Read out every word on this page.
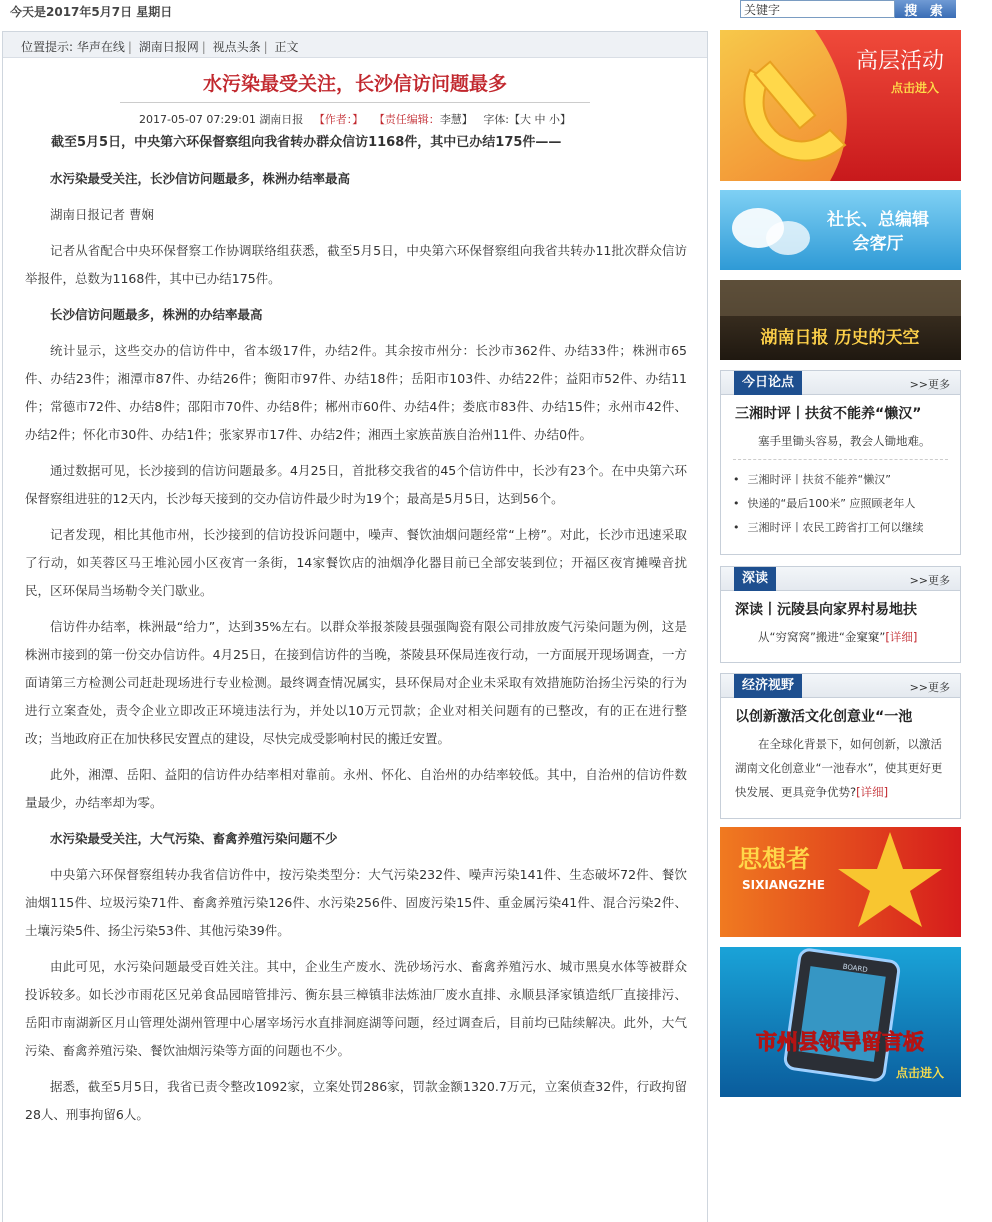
今天是2017年5月7日 星期日
关键字	搜 索
位置提示: 华声在线 | 湖南日报网 | 视点头条 | 正文
水污染最受关注，长沙信访问题最多
2017-05-07 07:29:01 湖南日报 【作者：】 【责任编辑：李慧】 字体:【大 中 小】

截至5月5日，中央第六环保督察组向我省转办群众信访1168件，其中已办结175件——

水污染最受关注，长沙信访问题最多，株洲办结率最高

湖南日报记者 曹娴

记者从省配合中央环保督察工作协调联络组获悉，截至5月5日，中央第六环保督察组向我省共转办11批次群众信访举报件，总数为1168件，其中已办结175件。

长沙信访问题最多，株洲的办结率最高

统计显示，这些交办的信访件中，省本级17件，办结2件。其余按市州分：长沙市362件、办结33件；株洲市65件、办结23件；湘潭市87件、办结26件；衡阳市97件、办结18件；岳阳市103件、办结22件；益阳市52件、办结11件；常德市72件、办结8件；邵阳市70件、办结8件；郴州市60件、办结4件；娄底市83件、办结15件；永州市42件、办结2件；怀化市30件、办结1件；张家界市17件、办结2件；湘西土家族苗族自治州11件、办结0件。

通过数据可见，长沙接到的信访问题最多。4月25日，首批移交我省的45个信访件中，长沙有23个。在中央第六环保督察组进驻的12天内，长沙每天接到的交办信访件最少时为19个；最高是5月5日，达到56个。

记者发现，相比其他市州，长沙接到的信访投诉问题中，噪声、餐饮油烟问题经常“上榜”。对此，长沙市迅速采取了行动，如芙蓉区马王堆沁园小区夜宵一条街，14家餐饮店的油烟净化器目前已全部安装到位；开福区夜宵摊噪音扰民，区环保局当场勒令关门歇业。

信访件办结率，株洲最“给力”，达到35%左右。以群众举报茶陵县强强陶瓷有限公司排放废气污染问题为例，这是株洲市接到的第一份交办信访件。4月25日，在接到信访件的当晚，茶陵县环保局连夜行动，一方面展开现场调查，一方面请第三方检测公司赶赴现场进行专业检测。最终调查情况属实，县环保局对企业未采取有效措施防治扬尘污染的行为进行立案查处，责令企业立即改正环境违法行为，并处以10万元罚款；企业对相关问题有的已整改，有的正在进行整改；当地政府正在加快移民安置点的建设，尽快完成受影响村民的搬迁安置。

此外，湘潭、岳阳、益阳的信访件办结率相对靠前。永州、怀化、自治州的办结率较低。其中，自治州的信访件数量最少，办结率却为零。

水污染最受关注，大气污染、畜禽养殖污染问题不少

中央第六环保督察组转办我省信访件中，按污染类型分：大气污染232件、噪声污染141件、生态破坏72件、餐饮油烟115件、垃圾污染71件、畜禽养殖污染126件、水污染256件、固废污染15件、重金属污染41件、混合污染2件、土壤污染5件、扬尘污染53件、其他污染39件。

由此可见，水污染问题最受百姓关注。其中，企业生产废水、洗砂场污水、畜禽养殖污水、城市黑臭水体等被群众投诉较多。如长沙市雨花区兄弟食品园暗管排污、衡东县三樟镇非法炼油厂废水直排、永顺县泽家镇造纸厂直接排污、岳阳市南湖新区月山管理处湖州管理中心屠宰场污水直排洞庭湖等问题，经过调查后，目前均已陆续解决。此外，大气污染、畜禽养殖污染、餐饮油烟污染等方面的问题也不少。

据悉，截至5月5日，我省已责令整改1092家，立案处罚286家，罚款金额1320.7万元，立案侦查32件，行政拘留28人、刑事拘留6人。

高层活动
点击进入
社长、总编辑
会客厅
湖南日报 历史的天空
今日论点	>>更多
三湘时评丨扶贫不能养“懒汉”
塞手里锄头容易，教会人锄地难。
• 三湘时评丨扶贫不能养“懒汉”
• 快递的“最后100米” 应照顾老年人
• 三湘时评丨农民工跨省打工何以继续
深读	>>更多
深读丨沅陵县向家界村易地扶
从“穷窝窝”搬进“金窠窠”[详细]
经济视野	>>更多
以创新激活文化创意业“一池
在全球化背景下，如何创新，以激活湖南文化创意业“一池春水”，使其更好更快发展、更具竞争优势?[详细]
思想者
SIXIANGZHE
BOARD
市州县领导留言板
点击进入
